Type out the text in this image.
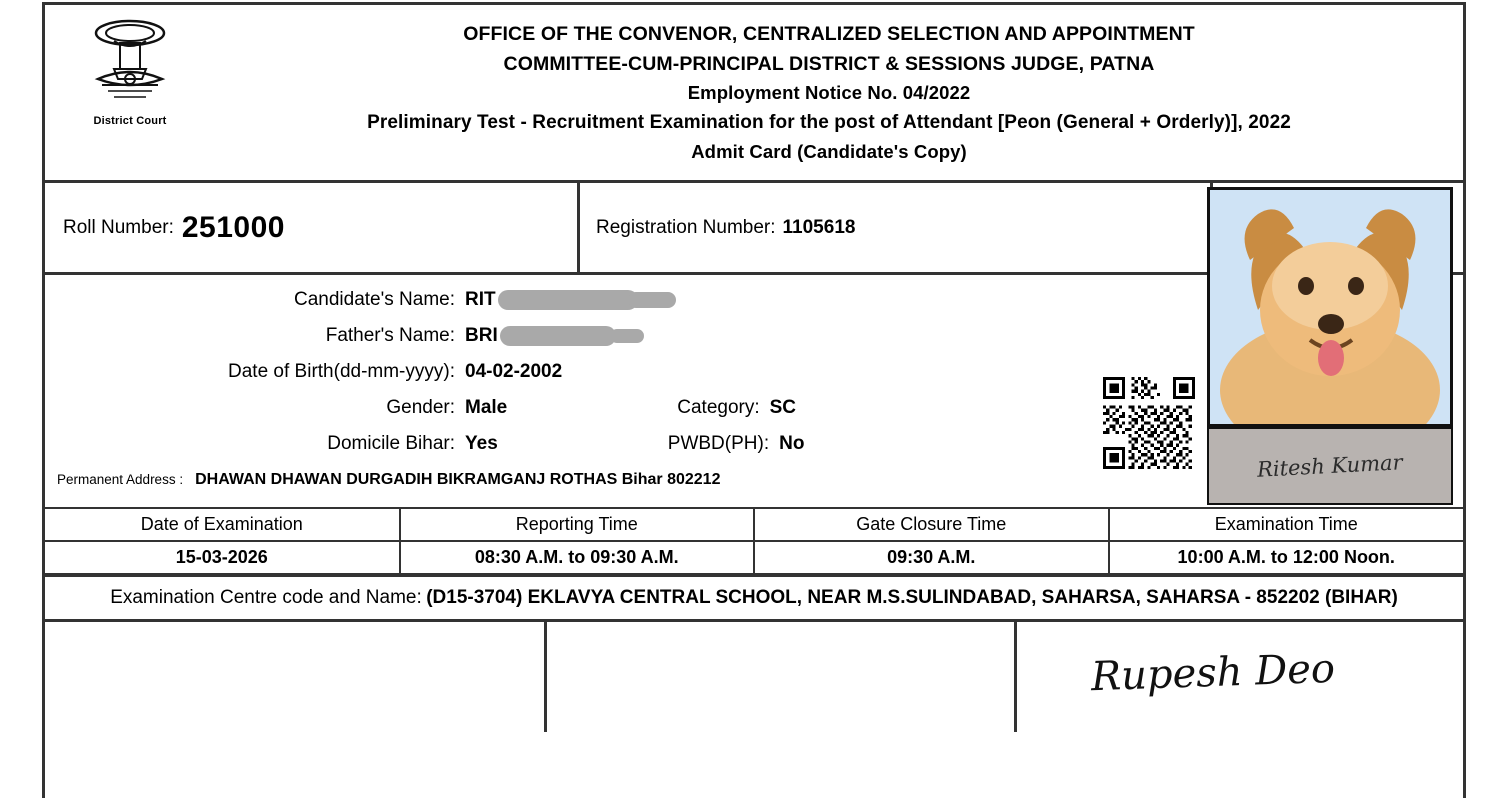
District Court
OFFICE OF THE CONVENOR, CENTRALIZED SELECTION AND APPOINTMENT
COMMITTEE-CUM-PRINCIPAL DISTRICT & SESSIONS JUDGE, PATNA
Employment Notice No. 04/2022
Preliminary Test - Recruitment Examination for the post of Attendant [Peon (General + Orderly)], 2022
Admit Card (Candidate's Copy)
Roll Number: 251000	Registration Number: 1105618
Ritesh Kumar
Candidate's Name: RIT
Father's Name: BRI
Date of Birth(dd-mm-yyyy): 04-02-2002
Gender: Male	Category: SC
Domicile Bihar: Yes	PWBD(PH): No
Permanent Address : DHAWAN DHAWAN DURGADIH BIKRAMGANJ ROTHAS Bihar 802212
Date of Examination	Reporting Time	Gate Closure Time	Examination Time
15-03-2026	08:30 A.M. to 09:30 A.M.	09:30 A.M.	10:00 A.M. to 12:00 Noon.
Examination Centre code and Name: (D15-3704) EKLAVYA CENTRAL SCHOOL, NEAR M.S.SULINDABAD, SAHARSA, SAHARSA - 852202 (BIHAR)
Rupesh Deo
